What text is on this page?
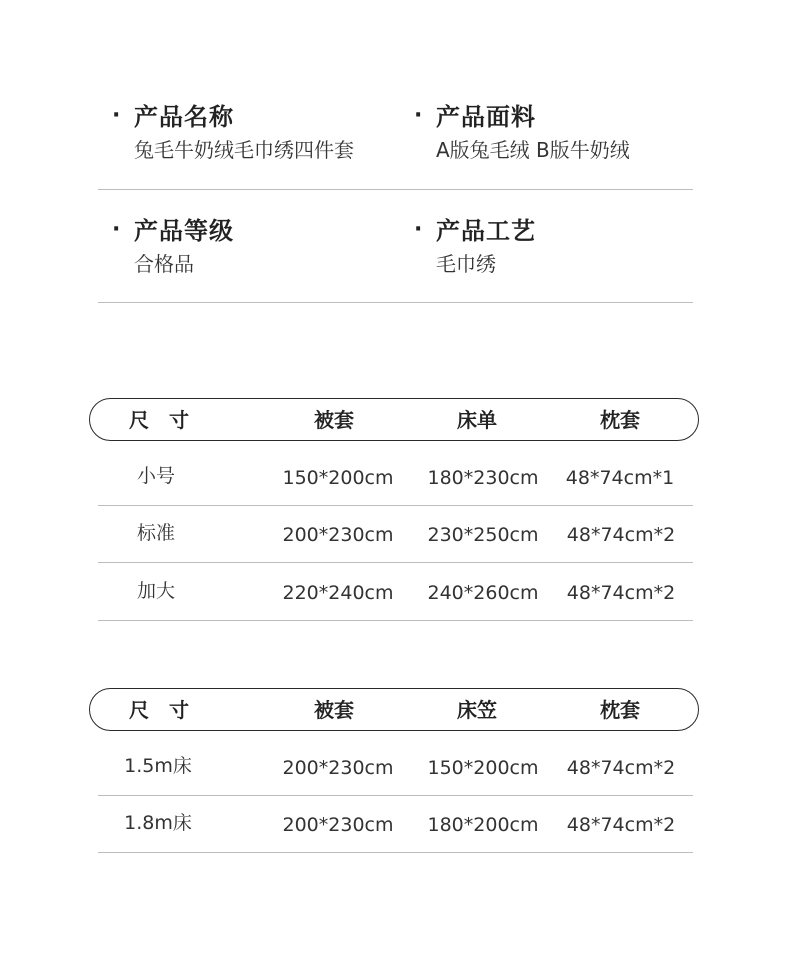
· 产品名称
兔毛牛奶绒毛巾绣四件套
· 产品面料
A版兔毛绒 B版牛奶绒
· 产品等级
合格品
· 产品工艺
毛巾绣
尺　寸	被套	床单	枕套
小号	150*200cm 180*230cm 48*74cm*1
标准	200*230cm 230*250cm 48*74cm*2
加大	220*240cm 240*260cm 48*74cm*2
尺　寸	被套	床笠	枕套
1.5m床	200*230cm 150*200cm 48*74cm*2
1.8m床	200*230cm 180*200cm 48*74cm*2
